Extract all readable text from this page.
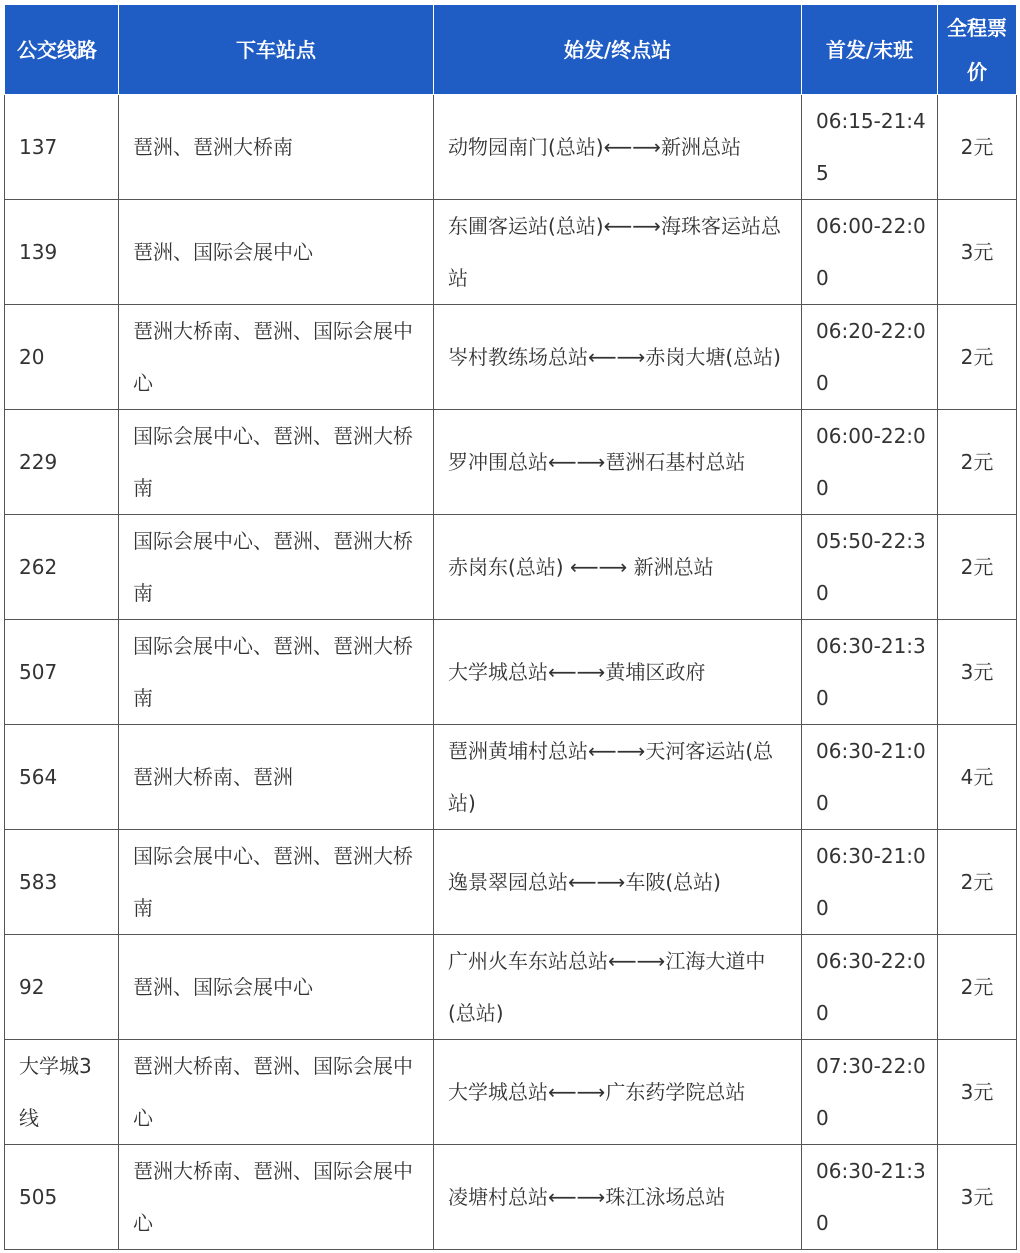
公交线路	下车站点	始发/终点站	首发/末班	全程票价
137	琶洲、琶洲大桥南	动物园南门(总站)⟵⟶新洲总站	06:15-21:45	2元
139	琶洲、国际会展中心	东圃客运站(总站)⟵⟶海珠客运站总站	06:00-22:00	3元
20	琶洲大桥南、琶洲、国际会展中心	岑村教练场总站⟵⟶赤岗大塘(总站)	06:20-22:00	2元
229	国际会展中心、琶洲、琶洲大桥南	罗冲围总站⟵⟶琶洲石基村总站	06:00-22:00	2元
262	国际会展中心、琶洲、琶洲大桥南	赤岗东(总站) ⟵⟶ 新洲总站	05:50-22:30	2元
507	国际会展中心、琶洲、琶洲大桥南	大学城总站⟵⟶黄埔区政府	06:30-21:30	3元
564	琶洲大桥南、琶洲	琶洲黄埔村总站⟵⟶天河客运站(总站)	06:30-21:00	4元
583	国际会展中心、琶洲、琶洲大桥南	逸景翠园总站⟵⟶车陂(总站)	06:30-21:00	2元
92	琶洲、国际会展中心	广州火车东站总站⟵⟶江海大道中(总站)	06:30-22:00	2元
大学城3线	琶洲大桥南、琶洲、国际会展中心	大学城总站⟵⟶广东药学院总站	07:30-22:00	3元
505	琶洲大桥南、琶洲、国际会展中心	凌塘村总站⟵⟶珠江泳场总站	06:30-21:30	3元
